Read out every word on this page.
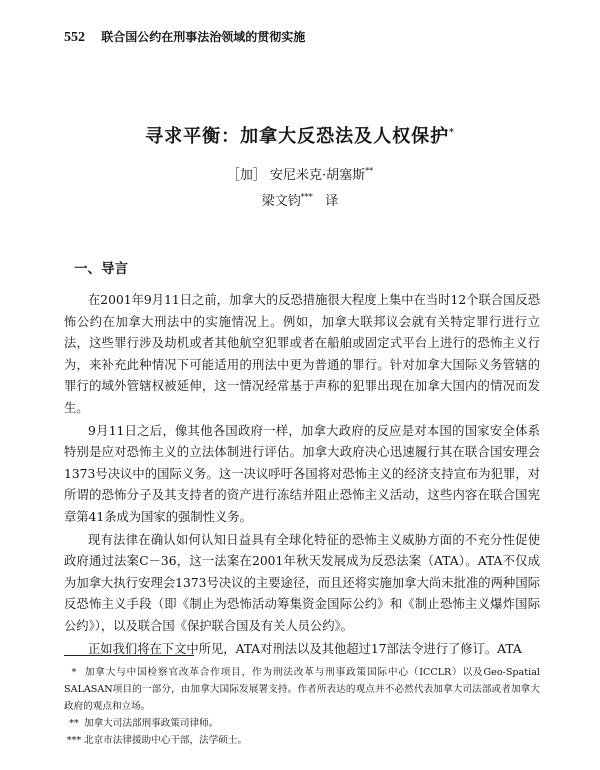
552 联合国公约在刑事法治领域的贯彻实施
寻求平衡：加拿大反恐法及人权保护*
［加］ 安尼米克·胡塞斯**
梁文钧*** 译
一、导言

在2001年9月11日之前，加拿大的反恐措施很大程度上集中在当时12个联合国反恐怖公约在加拿大刑法中的实施情况上。例如，加拿大联邦议会就有关特定罪行进行立法，这些罪行涉及劫机或者其他航空犯罪或者在船舶或固定式平台上进行的恐怖主义行为，来补充此种情况下可能适用的刑法中更为普通的罪行。针对加拿大国际义务管辖的罪行的域外管辖权被延伸，这一情况经常基于声称的犯罪出现在加拿大国内的情况而发生。

9月11日之后，像其他各国政府一样，加拿大政府的反应是对本国的国家安全体系特别是应对恐怖主义的立法体制进行评估。加拿大政府决心迅速履行其在联合国安理会1373号决议中的国际义务。这一决议呼吁各国将对恐怖主义的经济支持宣布为犯罪，对所谓的恐怖分子及其支持者的资产进行冻结并阻止恐怖主义活动，这些内容在联合国宪章第41条成为国家的强制性义务。

现有法律在确认如何认知日益具有全球化特征的恐怖主义威胁方面的不充分性促使政府通过法案C－36，这一法案在2001年秋天发展成为反恐法案（ATA）。ATA不仅成为加拿大执行安理会1373号决议的主要途径，而且还将实施加拿大尚未批准的两种国际反恐怖主义手段（即《制止为恐怖活动筹集资金国际公约》和《制止恐怖主义爆炸国际公约》），以及联合国《保护联合国及有关人员公约》。

正如我们将在下文中所见，ATA对刑法以及其他超过17部法令进行了修订。ATA

* 加拿大与中国检察官改革合作项目，作为刑法改革与刑事政策国际中心（ICCLR）以及Geo-Spatial SALASAN项目的一部分，由加拿大国际发展署支持。作者所表达的观点并不必然代表加拿大司法部或者加拿大政府的观点和立场。

** 加拿大司法部刑事政策司律师。

*** 北京市法律援助中心干部，法学硕士。
